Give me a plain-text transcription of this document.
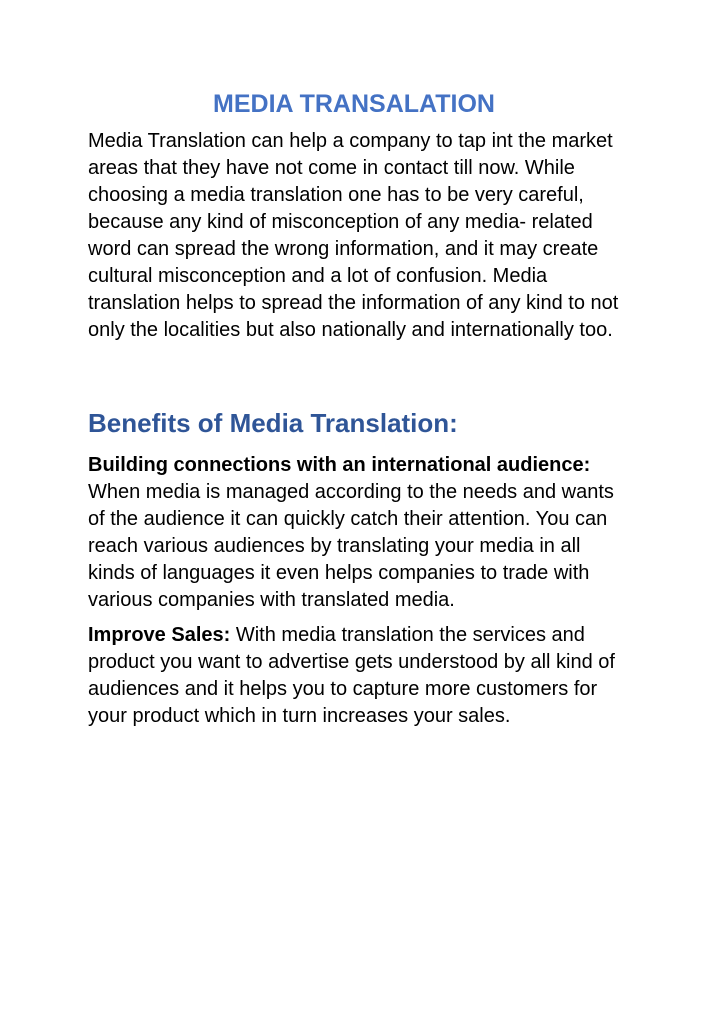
MEDIA TRANSALATION

Media Translation can help a company to tap int the market areas that they have not come in contact till now. While choosing a media translation one has to be very careful, because any kind of misconception of any media- related word can spread the wrong information, and it may create cultural misconception and a lot of confusion. Media translation helps to spread the information of any kind to not only the localities but also nationally and internationally too.

Benefits of Media Translation:

Building connections with an international audience: When media is managed according to the needs and wants of the audience it can quickly catch their attention. You can reach various audiences by translating your media in all kinds of languages it even helps companies to trade with various companies with translated media.

Improve Sales: With media translation the services and product you want to advertise gets understood by all kind of audiences and it helps you to capture more customers for your product which in turn increases your sales.
